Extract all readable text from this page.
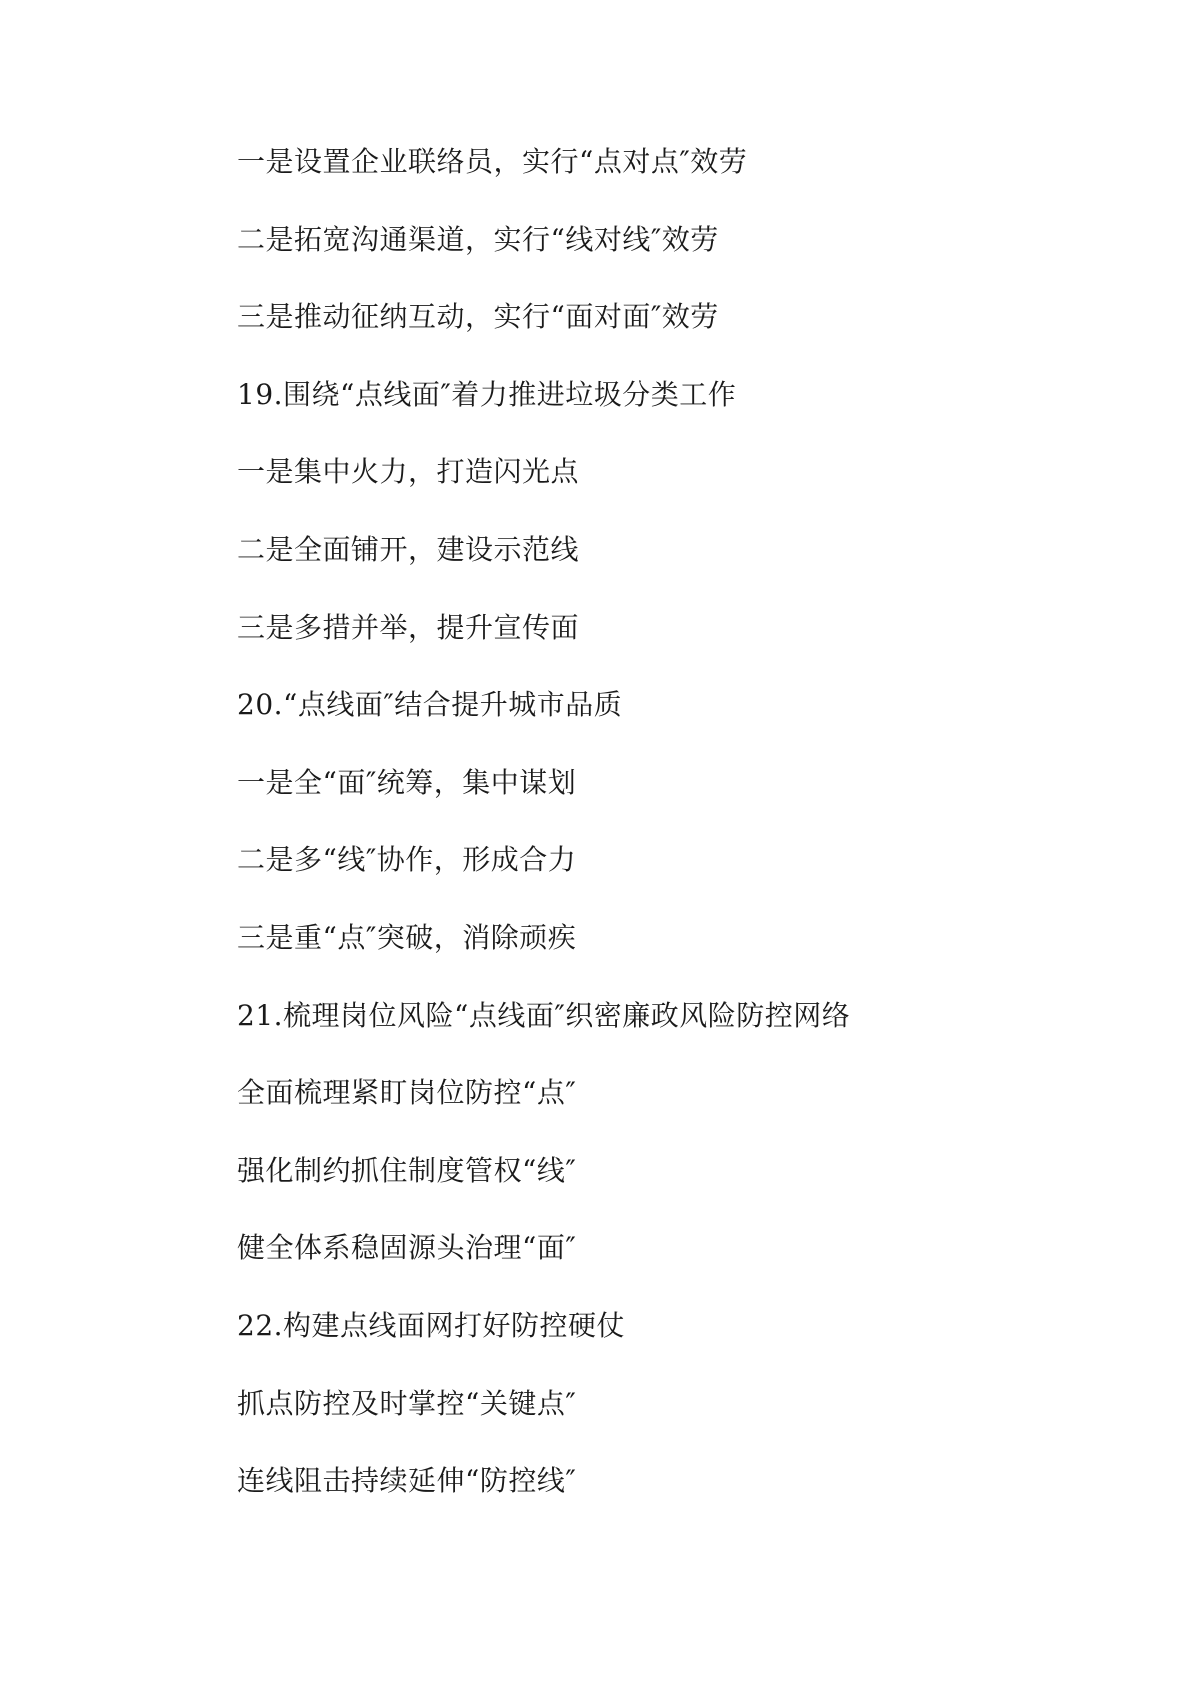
一是设置企业联络员，实行“点对点″效劳
二是拓宽沟通渠道，实行“线对线″效劳
三是推动征纳互动，实行“面对面″效劳
19.围绕“点线面″着力推进垃圾分类工作
一是集中火力，打造闪光点
二是全面铺开，建设示范线
三是多措并举，提升宣传面
20.“点线面″结合提升城市品质
一是全“面″统筹，集中谋划
二是多“线″协作，形成合力
三是重“点″突破，消除顽疾
21.梳理岗位风险“点线面″织密廉政风险防控网络
全面梳理紧盯岗位防控“点″
强化制约抓住制度管权“线″
健全体系稳固源头治理“面″
22.构建点线面网打好防控硬仗
抓点防控及时掌控“关键点″
连线阻击持续延伸“防控线″
